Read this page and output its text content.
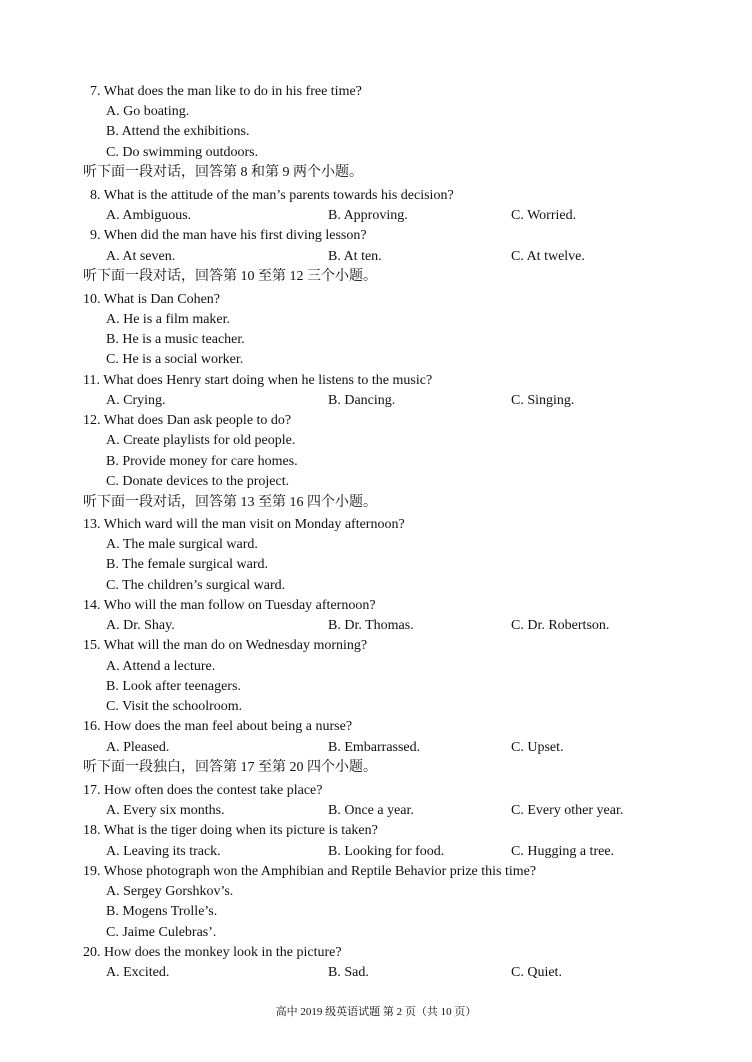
7. What does the man like to do in his free time?
A. Go boating.
B. Attend the exhibitions.
C. Do swimming outdoors.
听下面一段对话，回答第 8 和第 9 两个小题。
8. What is the attitude of the man’s parents towards his decision?
A. Ambiguous.	B. Approving.	C. Worried.
9. When did the man have his first diving lesson?
A. At seven.	B. At ten.	C. At twelve.
听下面一段对话，回答第 10 至第 12 三个小题。
10. What is Dan Cohen?
A. He is a film maker.
B. He is a music teacher.
C. He is a social worker.
11. What does Henry start doing when he listens to the music?
A. Crying.	B. Dancing.	C. Singing.
12. What does Dan ask people to do?
A. Create playlists for old people.
B. Provide money for care homes.
C. Donate devices to the project.
听下面一段对话，回答第 13 至第 16 四个小题。
13. Which ward will the man visit on Monday afternoon?
A. The male surgical ward.
B. The female surgical ward.
C. The children’s surgical ward.
14. Who will the man follow on Tuesday afternoon?
A. Dr. Shay.	B. Dr. Thomas.	C. Dr. Robertson.
15. What will the man do on Wednesday morning?
A. Attend a lecture.
B. Look after teenagers.
C. Visit the schoolroom.
16. How does the man feel about being a nurse?
A. Pleased.	B. Embarrassed.	C. Upset.
听下面一段独白，回答第 17 至第 20 四个小题。
17. How often does the contest take place?
A. Every six months.	B. Once a year.	C. Every other year.
18. What is the tiger doing when its picture is taken?
A. Leaving its track.	B. Looking for food.	C. Hugging a tree.
19. Whose photograph won the Amphibian and Reptile Behavior prize this time?
A. Sergey Gorshkov’s.
B. Mogens Trolle’s.
C. Jaime Culebras’.
20. How does the monkey look in the picture?
A. Excited.	B. Sad.	C. Quiet.
高中 2019 级英语试题 第 2 页（共 10 页）
